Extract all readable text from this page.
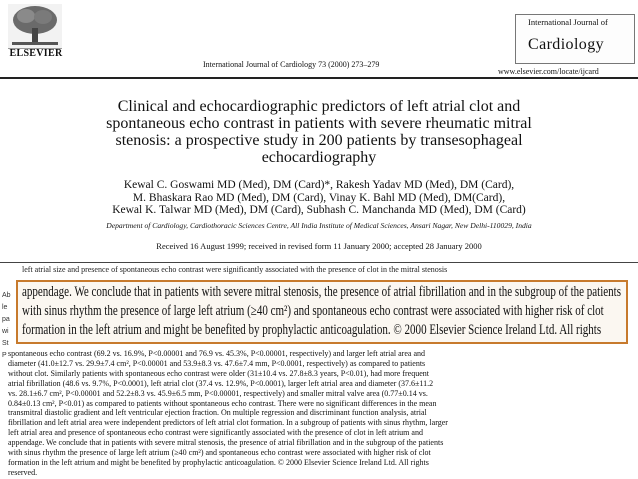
ELSEVIER
International Journal of Cardiology 73 (2000) 273–279
International Journal of
Cardiology
www.elsevier.com/locate/ijcard
Clinical and echocardiographic predictors of left atrial clot and
spontaneous echo contrast in patients with severe rheumatic mitral
stenosis: a prospective study in 200 patients by transesophageal
echocardiography
Kewal C. Goswami MD (Med), DM (Card)*, Rakesh Yadav MD (Med), DM (Card),
M. Bhaskara Rao MD (Med), DM (Card), Vinay K. Bahl MD (Med), DM(Card),
Kewal K. Talwar MD (Med), DM (Card), Subhash C. Manchanda MD (Med), DM (Card)
Department of Cardiology, Cardiothoracic Sciences Centre, All India Institute of Medical Sciences, Ansari Nagar, New Delhi-110029, India
Received 16 August 1999; received in revised form 11 January 2000; accepted 28 January 2000
left atrial size and presence of spontaneous echo contrast were significantly associated with the presence of clot in the mitral stenosis
Ab
le
pa
wi
St
P
appendage. We conclude that in patients with severe mitral stenosis, the presence of atrial fibrillation and in the subgroup of the patients
with sinus rhythm the presence of large left atrium (≥40 cm²) and spontaneous echo contrast were associated with higher risk of clot
formation in the left atrium and might be benefited by prophylactic anticoagulation. © 2000 Elsevier Science Ireland Ltd. All rights
spontaneous echo contrast (69.2 vs. 16.9%, P<0.00001 and 76.9 vs. 45.3%, P<0.00001, respectively) and larger left atrial area and
diameter (41.0±12.7 vs. 29.9±7.4 cm², P<0.00001 and 53.9±8.3 vs. 47.6±7.4 mm, P<0.0001, respectively) as compared to patients
without clot. Similarly patients with spontaneous echo contrast were older (31±10.4 vs. 27.8±8.3 years, P<0.01), had more frequent
atrial fibrillation (48.6 vs. 9.7%, P<0.0001), left atrial clot (37.4 vs. 12.9%, P<0.0001), larger left atrial area and diameter (37.6±11.2
vs. 28.1±6.7 cm², P<0.00001 and 52.2±8.3 vs. 45.9±6.5 mm, P<0.00001, respectively) and smaller mitral valve area (0.77±0.14 vs.
0.84±0.13 cm², P<0.01) as compared to patients without spontaneous echo contrast. There were no significant differences in the mean
transmitral diastolic gradient and left ventricular ejection fraction. On multiple regression and discriminant function analysis, atrial
fibrillation and left atrial area were independent predictors of left atrial clot formation. In a subgroup of patients with sinus rhythm, larger
left atrial area and presence of spontaneous echo contrast were significantly associated with the presence of clot in left atrium and
appendage. We conclude that in patients with severe mitral stenosis, the presence of atrial fibrillation and in the subgroup of the patients
with sinus rhythm the presence of large left atrium (≥40 cm²) and spontaneous echo contrast were associated with higher risk of clot
formation in the left atrium and might be benefited by prophylactic anticoagulation. © 2000 Elsevier Science Ireland Ltd. All rights
reserved.
